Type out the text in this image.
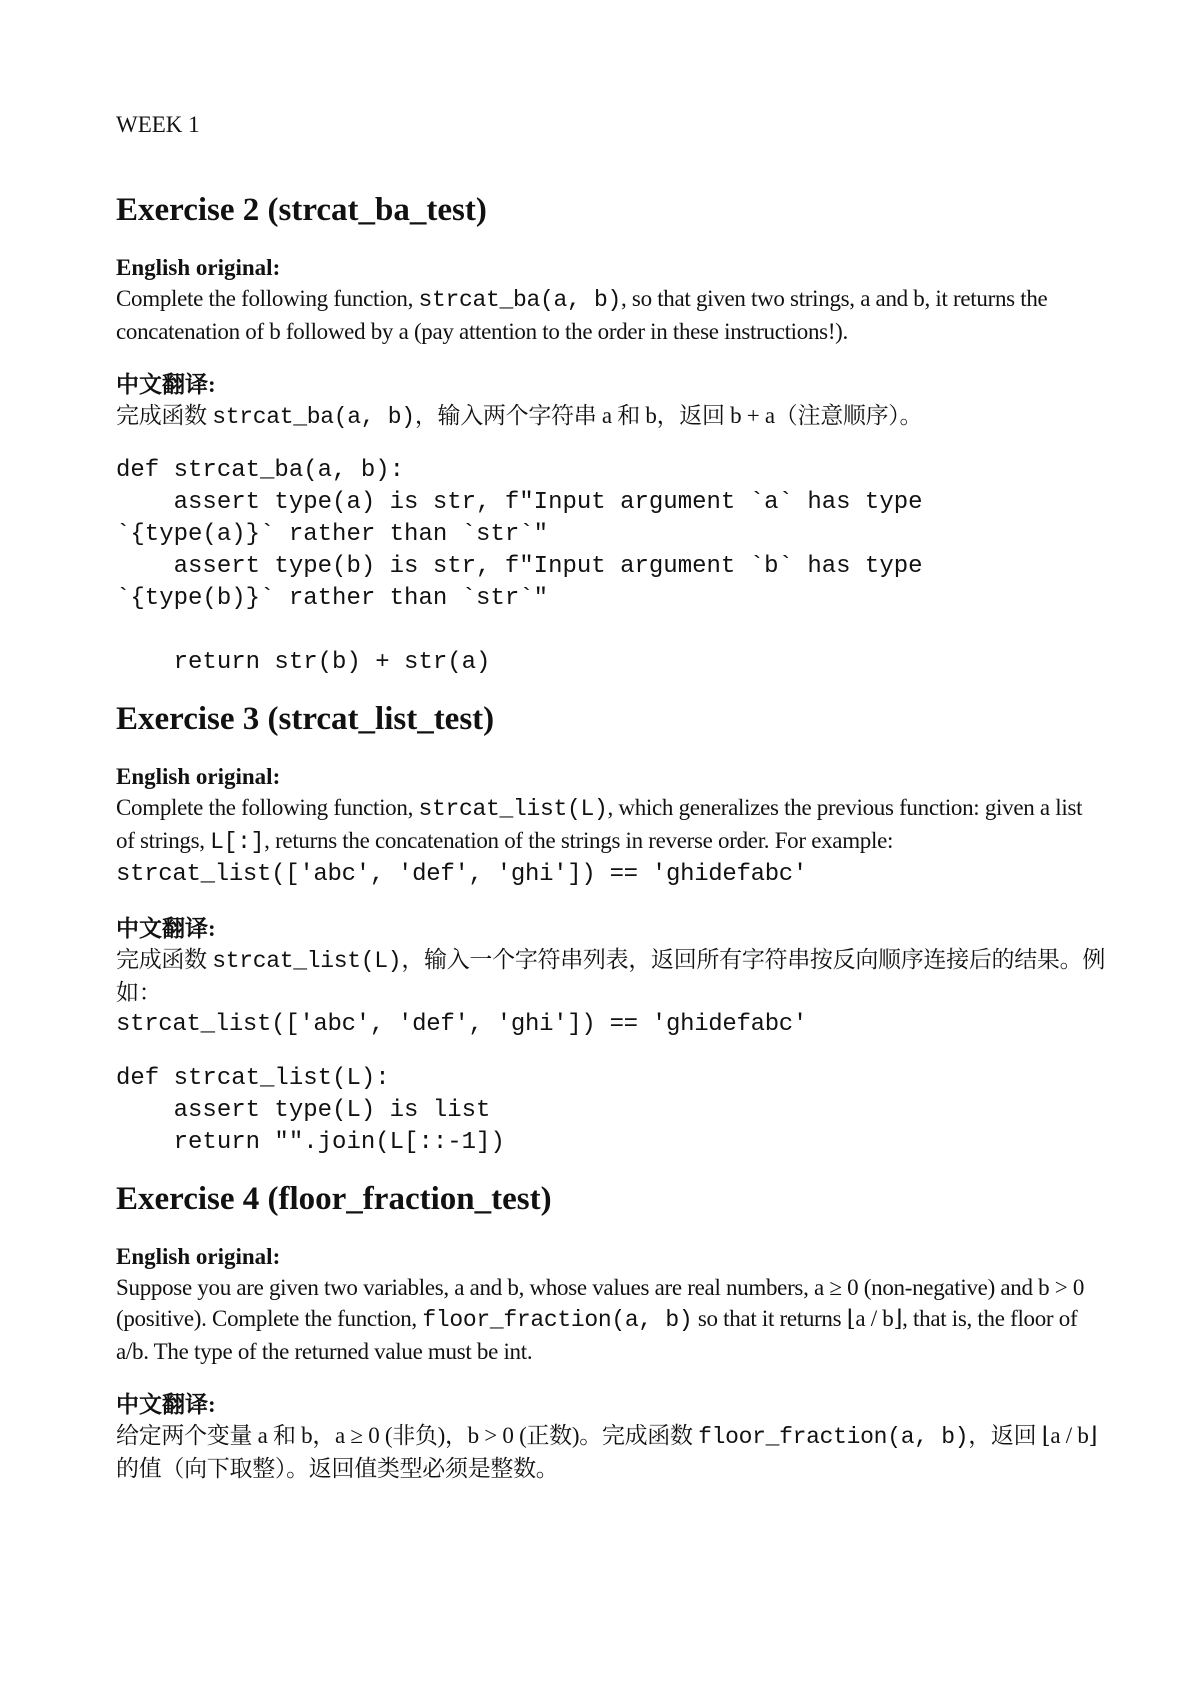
WEEK 1
Exercise 2 (strcat_ba_test)
English original:

Complete the following function, strcat_ba(a, b), so that given two strings, a and b, it returns the concatenation of b followed by a (pay attention to the order in these instructions!).

中文翻译:

完成函数 strcat_ba(a, b)，输入两个字符串 a 和 b，返回 b + a（注意顺序）。

def strcat_ba(a, b):
assert type(a) is str, f"Input argument `a` has type
`{type(a)}` rather than `str`"
assert type(b) is str, f"Input argument `b` has type
`{type(b)}` rather than `str`"

return str(b) + str(a)
Exercise 3 (strcat_list_test)
English original:

Complete the following function, strcat_list(L), which generalizes the previous function: given a list of strings, L[:], returns the concatenation of the strings in reverse order. For example:
strcat_list(['abc', 'def', 'ghi']) == 'ghidefabc'

中文翻译:

完成函数 strcat_list(L)，输入一个字符串列表，返回所有字符串按反向顺序连接后的结果。例如：
strcat_list(['abc', 'def', 'ghi']) == 'ghidefabc'

def strcat_list(L):
assert type(L) is list
return "".join(L[::-1])
Exercise 4 (floor_fraction_test)
English original:

Suppose you are given two variables, a and b, whose values are real numbers, a ≥ 0 (non-negative) and b > 0 (positive). Complete the function, floor_fraction(a, b) so that it returns ⌊a / b⌋, that is, the floor of a/b. The type of the returned value must be int.

中文翻译:

给定两个变量 a 和 b，a ≥ 0 (非负)，b > 0 (正数)。完成函数 floor_fraction(a, b)，返回 ⌊a / b⌋ 的值（向下取整）。返回值类型必须是整数。
